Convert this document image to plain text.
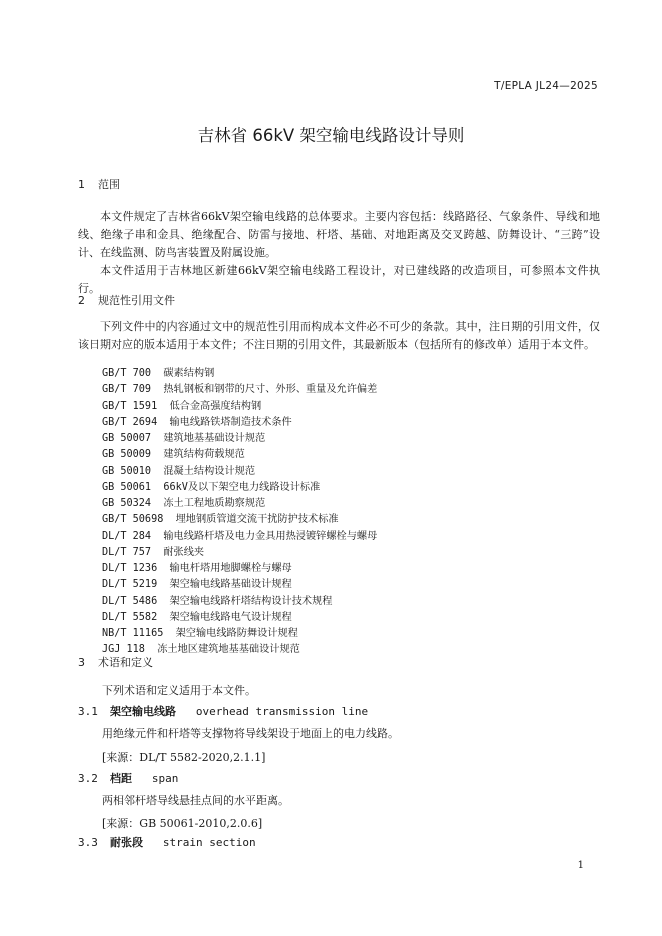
T/EPLA JL24—2025
吉林省 66kV 架空输电线路设计导则
1 范围

本文件规定了吉林省66kV架空输电线路的总体要求。主要内容包括：线路路径、气象条件、导线和地线、绝缘子串和金具、绝缘配合、防雷与接地、杆塔、基础、对地距离及交叉跨越、防舞设计、“三跨”设计、在线监测、防鸟害装置及附属设施。

本文件适用于吉林地区新建66kV架空输电线路工程设计，对已建线路的改造项目，可参照本文件执行。

2 规范性引用文件

下列文件中的内容通过文中的规范性引用而构成本文件必不可少的条款。其中，注日期的引用文件，仅该日期对应的版本适用于本文件；不注日期的引用文件，其最新版本（包括所有的修改单）适用于本文件。

GB/T 700  碳素结构钢
GB/T 709  热轧钢板和钢带的尺寸、外形、重量及允许偏差
GB/T 1591  低合金高强度结构钢
GB/T 2694  输电线路铁塔制造技术条件
GB 50007  建筑地基基础设计规范
GB 50009  建筑结构荷载规范
GB 50010  混凝土结构设计规范
GB 50061  66kV及以下架空电力线路设计标准
GB 50324  冻土工程地质勘察规范
GB/T 50698  埋地钢质管道交流干扰防护技术标准
DL/T 284  输电线路杆塔及电力金具用热浸镀锌螺栓与螺母
DL/T 757  耐张线夹
DL/T 1236  输电杆塔用地脚螺栓与螺母
DL/T 5219  架空输电线路基础设计规程
DL/T 5486  架空输电线路杆塔结构设计技术规程
DL/T 5582  架空输电线路电气设计规程
NB/T 11165  架空输电线路防舞设计规程
JGJ 118  冻土地区建筑地基基础设计规范
3 术语和定义
下列术语和定义适用于本文件。
3.1 架空输电线路 overhead transmission line
用绝缘元件和杆塔等支撑物将导线架设于地面上的电力线路。
[来源：DL/T 5582-2020,2.1.1]
3.2 档距 span
两相邻杆塔导线悬挂点间的水平距离。
[来源：GB 50061-2010,2.0.6]
3.3 耐张段 strain section
1
